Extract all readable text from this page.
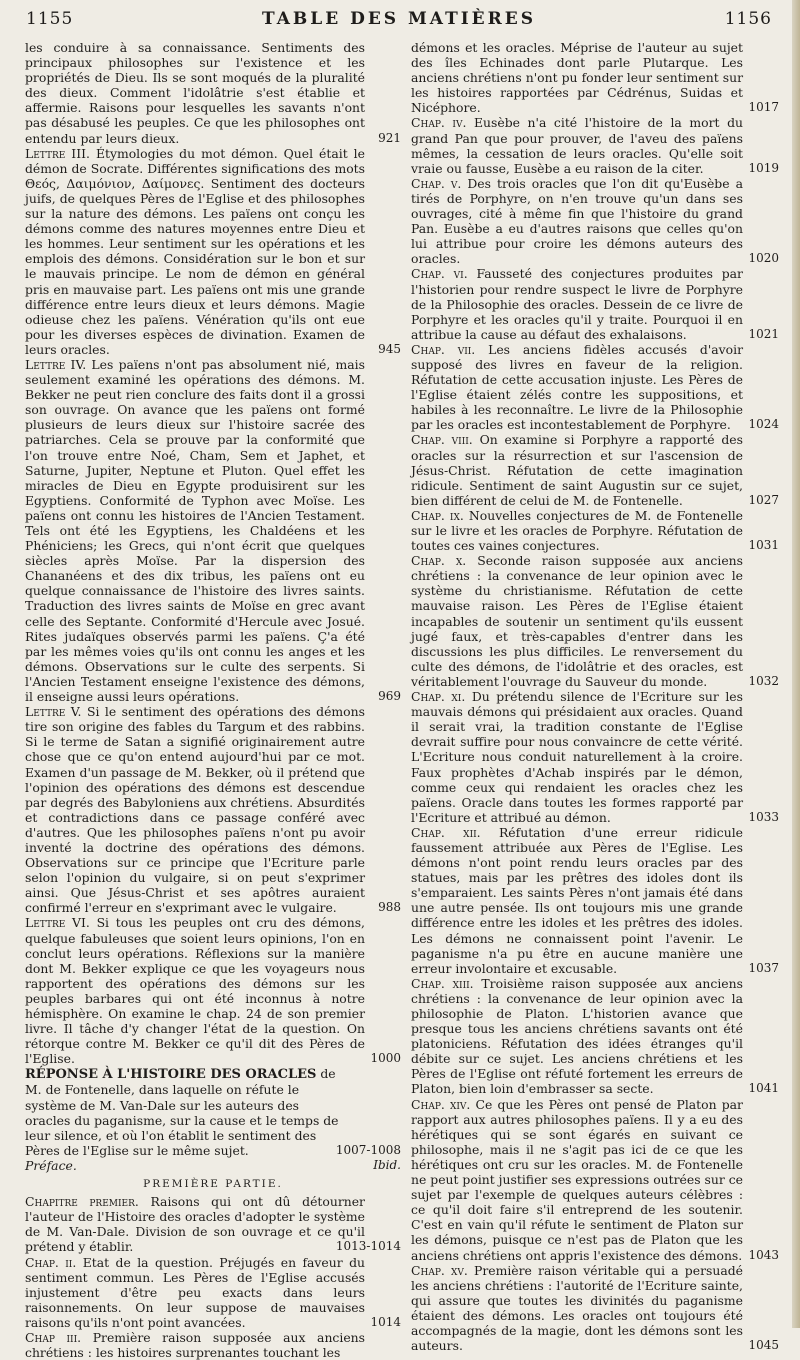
1155	TABLE DES MATIÈRES	1156

les conduire à sa connaissance. Sentiments des principaux philosophes sur l'existence et les propriétés de Dieu. Ils se sont moqués de la pluralité des dieux. Comment l'idolâtrie s'est établie et affermie. Raisons pour lesquelles les savants n'ont pas désabusé les peuples. Ce que les philosophes ont entendu par leurs dieux.	921

Lettre III. Étymologies du mot démon. Quel était le démon de Socrate. Différentes significations des mots Θεός, Δαιμόνιον, Δαίμονες. Sentiment des docteurs juifs, de quelques Pères de l'Eglise et des philosophes sur la nature des démons. Les païens ont conçu les démons comme des natures moyennes entre Dieu et les hommes. Leur sentiment sur les opérations et les emplois des démons. Considération sur le bon et sur le mauvais principe. Le nom de démon en général pris en mauvaise part. Les païens ont mis une grande différence entre leurs dieux et leurs démons. Magie odieuse chez les païens. Vénération qu'ils ont eue pour les diverses espèces de divination. Examen de leurs oracles.	945

Lettre IV. Les païens n'ont pas absolument nié, mais seulement examiné les opérations des démons. M. Bekker ne peut rien conclure des faits dont il a grossi son ouvrage. On avance que les païens ont formé plusieurs de leurs dieux sur l'histoire sacrée des patriarches. Cela se prouve par la conformité que l'on trouve entre Noé, Cham, Sem et Japhet, et Saturne, Jupiter, Neptune et Pluton. Quel effet les miracles de Dieu en Egypte produisirent sur les Egyptiens. Conformité de Typhon avec Moïse. Les païens ont connu les histoires de l'Ancien Testament. Tels ont été les Egyptiens, les Chaldéens et les Phéniciens; les Grecs, qui n'ont écrit que quelques siècles après Moïse. Par la dispersion des Chananéens et des dix tribus, les païens ont eu quelque connaissance de l'histoire des livres saints. Traduction des livres saints de Moïse en grec avant celle des Septante. Conformité d'Hercule avec Josué. Rites judaïques observés parmi les païens. Ç'a été par les mêmes voies qu'ils ont connu les anges et les démons. Observations sur le culte des serpents. Si l'Ancien Testament enseigne l'existence des démons, il enseigne aussi leurs opérations.	969

Lettre V. Si le sentiment des opérations des démons tire son origine des fables du Targum et des rabbins. Si le terme de Satan a signifié originairement autre chose que ce qu'on entend aujourd'hui par ce mot. Examen d'un passage de M. Bekker, où il prétend que l'opinion des opérations des démons est descendue par degrés des Babyloniens aux chrétiens. Absurdités et contradictions dans ce passage conféré avec d'autres. Que les philosophes païens n'ont pu avoir inventé la doctrine des opérations des démons. Observations sur ce principe que l'Ecriture parle selon l'opinion du vulgaire, si on peut s'exprimer ainsi. Que Jésus-Christ et ses apôtres auraient confirmé l'erreur en s'exprimant avec le vulgaire.	988

Lettre VI. Si tous les peuples ont cru des démons, quelque fabuleuses que soient leurs opinions, l'on en conclut leurs opérations. Réflexions sur la manière dont M. Bekker explique ce que les voyageurs nous rapportent des opérations des démons sur les peuples barbares qui ont été inconnus à notre hémisphère. On examine le chap. 24 de son premier livre. Il tâche d'y changer l'état de la question. On rétorque contre M. Bekker ce qu'il dit des Pères de l'Eglise.	1000

RÉPONSE À L'HISTOIRE DES ORACLES de M. de Fontenelle, dans laquelle on réfute le système de M. Van-Dale sur les auteurs des oracles du paganisme, sur la cause et le temps de leur silence, et où l'on établit le sentiment des Pères de l'Eglise sur le même sujet.	1007-1008
Préface.	Ibid.
PREMIÈRE PARTIE.

Chapitre premier. Raisons qui ont dû détourner l'auteur de l'Histoire des oracles d'adopter le système de M. Van-Dale. Division de son ouvrage et ce qu'il prétend y établir.	1013-1014

Chap. ii. Etat de la question. Préjugés en faveur du sentiment commun. Les Pères de l'Eglise accusés injustement d'être peu exacts dans leurs raisonnements. On leur suppose de mauvaises raisons qu'ils n'ont point avancées.	1014

Chap iii. Première raison supposée aux anciens chrétiens : les histoires surprenantes touchant les

démons et les oracles. Méprise de l'auteur au sujet des îles Echinades dont parle Plutarque. Les anciens chrétiens n'ont pu fonder leur sentiment sur les histoires rapportées par Cédrénus, Suidas et Nicéphore.	1017

Chap. iv. Eusèbe n'a cité l'histoire de la mort du grand Pan que pour prouver, de l'aveu des païens mêmes, la cessation de leurs oracles. Qu'elle soit vraie ou fausse, Eusèbe a eu raison de la citer.	1019

Chap. v. Des trois oracles que l'on dit qu'Eusèbe a tirés de Porphyre, on n'en trouve qu'un dans ses ouvrages, cité à même fin que l'histoire du grand Pan. Eusèbe a eu d'autres raisons que celles qu'on lui attribue pour croire les démons auteurs des oracles.	1020

Chap. vi. Fausseté des conjectures produites par l'historien pour rendre suspect le livre de Porphyre de la Philosophie des oracles. Dessein de ce livre de Porphyre et les oracles qu'il y traite. Pourquoi il en attribue la cause au défaut des exhalaisons.	1021

Chap. vii. Les anciens fidèles accusés d'avoir supposé des livres en faveur de la religion. Réfutation de cette accusation injuste. Les Pères de l'Eglise étaient zélés contre les suppositions, et habiles à les reconnaître. Le livre de la Philosophie par les oracles est incontestablement de Porphyre. 1024

Chap. viii. On examine si Porphyre a rapporté des oracles sur la résurrection et sur l'ascension de Jésus-Christ. Réfutation de cette imagination ridicule. Sentiment de saint Augustin sur ce sujet, bien différent de celui de M. de Fontenelle.	1027

Chap. ix. Nouvelles conjectures de M. de Fontenelle sur le livre et les oracles de Porphyre. Réfutation de toutes ces vaines conjectures.	1031

Chap. x. Seconde raison supposée aux anciens chrétiens : la convenance de leur opinion avec le système du christianisme. Réfutation de cette mauvaise raison. Les Pères de l'Eglise étaient incapables de soutenir un sentiment qu'ils eussent jugé faux, et très-capables d'entrer dans les discussions les plus difficiles. Le renversement du culte des démons, de l'idolâtrie et des oracles, est véritablement l'ouvrage du Sauveur du monde.	1032

Chap. xi. Du prétendu silence de l'Ecriture sur les mauvais démons qui présidaient aux oracles. Quand il serait vrai, la tradition constante de l'Eglise devrait suffire pour nous convaincre de cette vérité. L'Ecriture nous conduit naturellement à la croire. Faux prophètes d'Achab inspirés par le démon, comme ceux qui rendaient les oracles chez les païens. Oracle dans toutes les formes rapporté par l'Ecriture et attribué au démon.	1033

Chap. xii. Réfutation d'une erreur ridicule faussement attribuée aux Pères de l'Eglise. Les démons n'ont point rendu leurs oracles par des statues, mais par les prêtres des idoles dont ils s'emparaient. Les saints Pères n'ont jamais été dans une autre pensée. Ils ont toujours mis une grande différence entre les idoles et les prêtres des idoles. Les démons ne connaissent point l'avenir. Le paganisme n'a pu être en aucune manière une erreur involontaire et excusable.	1037

Chap. xiii. Troisième raison supposée aux anciens chrétiens : la convenance de leur opinion avec la philosophie de Platon. L'historien avance que presque tous les anciens chrétiens savants ont été platoniciens. Réfutation des idées étranges qu'il débite sur ce sujet. Les anciens chrétiens et les Pères de l'Eglise ont réfuté fortement les erreurs de Platon, bien loin d'embrasser sa secte.	1041

Chap. xiv. Ce que les Pères ont pensé de Platon par rapport aux autres philosophes païens. Il y a eu des hérétiques qui se sont égarés en suivant ce philosophe, mais il ne s'agit pas ici de ce que les hérétiques ont cru sur les oracles. M. de Fontenelle ne peut point justifier ses expressions outrées sur ce sujet par l'exemple de quelques auteurs célèbres : ce qu'il doit faire s'il entreprend de les soutenir. C'est en vain qu'il réfute le sentiment de Platon sur les démons, puisque ce n'est pas de Platon que les anciens chrétiens ont appris l'existence des démons. 1043

Chap. xv. Première raison véritable qui a persuadé les anciens chrétiens : l'autorité de l'Ecriture sainte, qui assure que toutes les divinités du paganisme étaient des démons. Les oracles ont toujours été accompagnés de la magie, dont les démons sont les auteurs.	1045
